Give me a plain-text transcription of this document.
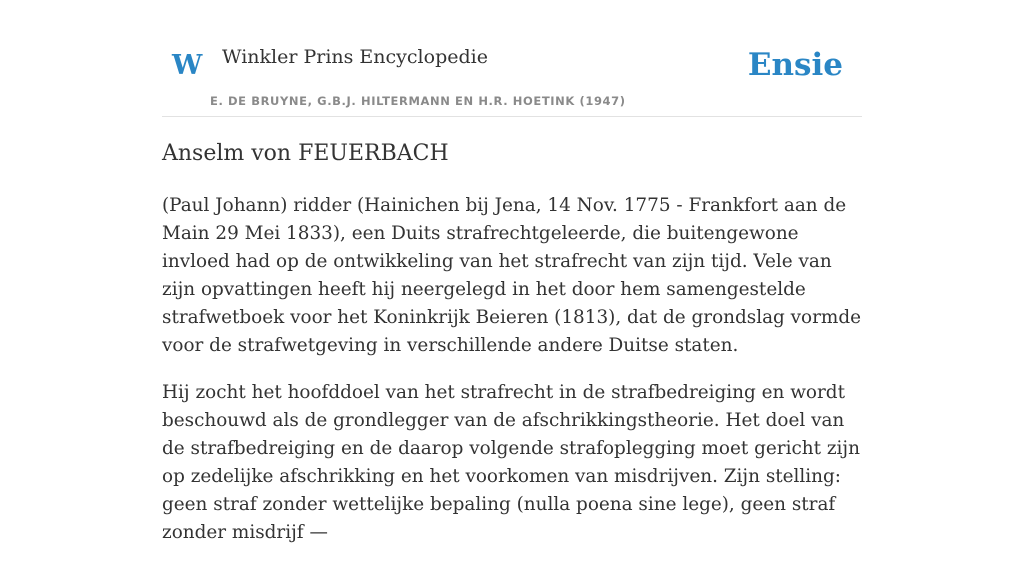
W Winkler Prins Encyclopedie
E. DE BRUYNE, G.B.J. HILTERMANN EN H.R. HOETINK (1947)
Ensie
Anselm von FEUERBACH

(Paul Johann) ridder (Hainichen bij Jena, 14 Nov. 1775 - Frankfort aan de Main 29 Mei 1833), een Duits strafrechtgeleerde, die buitengewone invloed had op de ontwikkeling van het strafrecht van zijn tijd. Vele van zijn opvattingen heeft hij neergelegd in het door hem samengestelde strafwetboek voor het Koninkrijk Beieren (1813), dat de grondslag vormde voor de strafwetgeving in verschillende andere Duitse staten.

Hij zocht het hoofddoel van het strafrecht in de strafbedreiging en wordt beschouwd als de grondlegger van de afschrikkingstheorie. Het doel van de strafbedreiging en de daarop volgende strafoplegging moet gericht zijn op zedelijke afschrikking en het voorkomen van misdrijven. Zijn stelling: geen straf zonder wettelijke bepaling (nulla poena sine lege), geen straf zonder misdrijf —
